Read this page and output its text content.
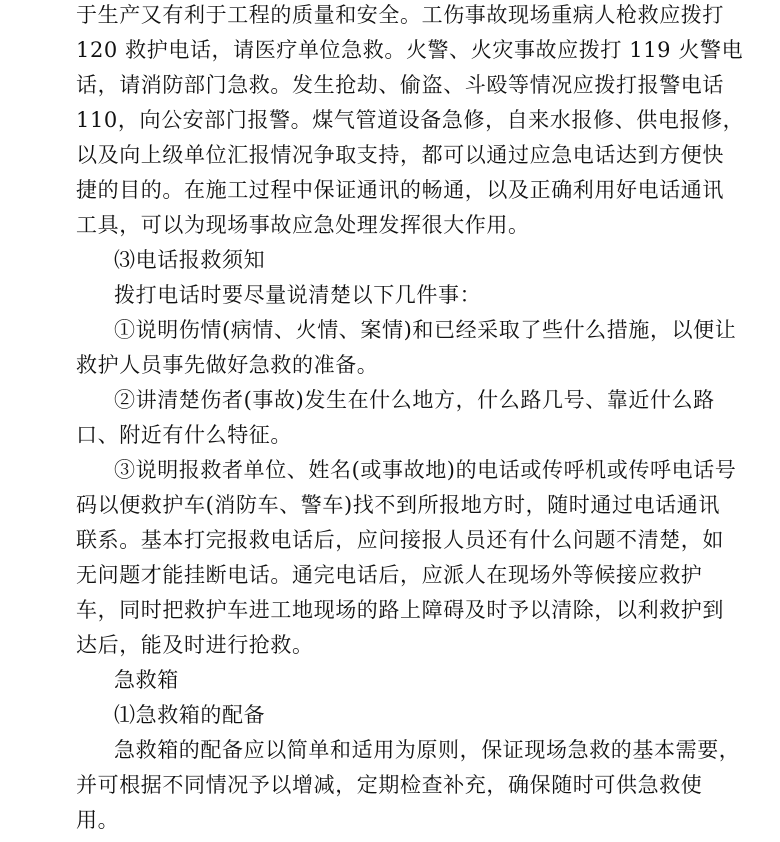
于生产又有利于工程的质量和安全。工伤事故现场重病人枪救应拨打

120 救护电话，请医疗单位急救。火警、火灾事故应拨打 119 火警电

话，请消防部门急救。发生抢劫、偷盗、斗殴等情况应拨打报警电话

110，向公安部门报警。煤气管道设备急修，自来水报修、供电报修，

以及向上级单位汇报情况争取支持，都可以通过应急电话达到方便快

捷的目的。在施工过程中保证通讯的畅通，以及正确利用好电话通讯

工具，可以为现场事故应急处理发挥很大作用。

⑶电话报救须知

拨打电话时要尽量说清楚以下几件事：

①说明伤情(病情、火情、案情)和已经采取了些什么措施，以便让

救护人员事先做好急救的准备。

②讲清楚伤者(事故)发生在什么地方，什么路几号、靠近什么路

口、附近有什么特征。

③说明报救者单位、姓名(或事故地)的电话或传呼机或传呼电话号

码以便救护车(消防车、警车)找不到所报地方时，随时通过电话通讯

联系。基本打完报救电话后，应问接报人员还有什么问题不清楚，如

无问题才能挂断电话。通完电话后，应派人在现场外等候接应救护

车，同时把救护车进工地现场的路上障碍及时予以清除，以利救护到

达后，能及时进行抢救。

急救箱

⑴急救箱的配备

急救箱的配备应以简单和适用为原则，保证现场急救的基本需要，

并可根据不同情况予以增减，定期检查补充，确保随时可供急救使

用。
